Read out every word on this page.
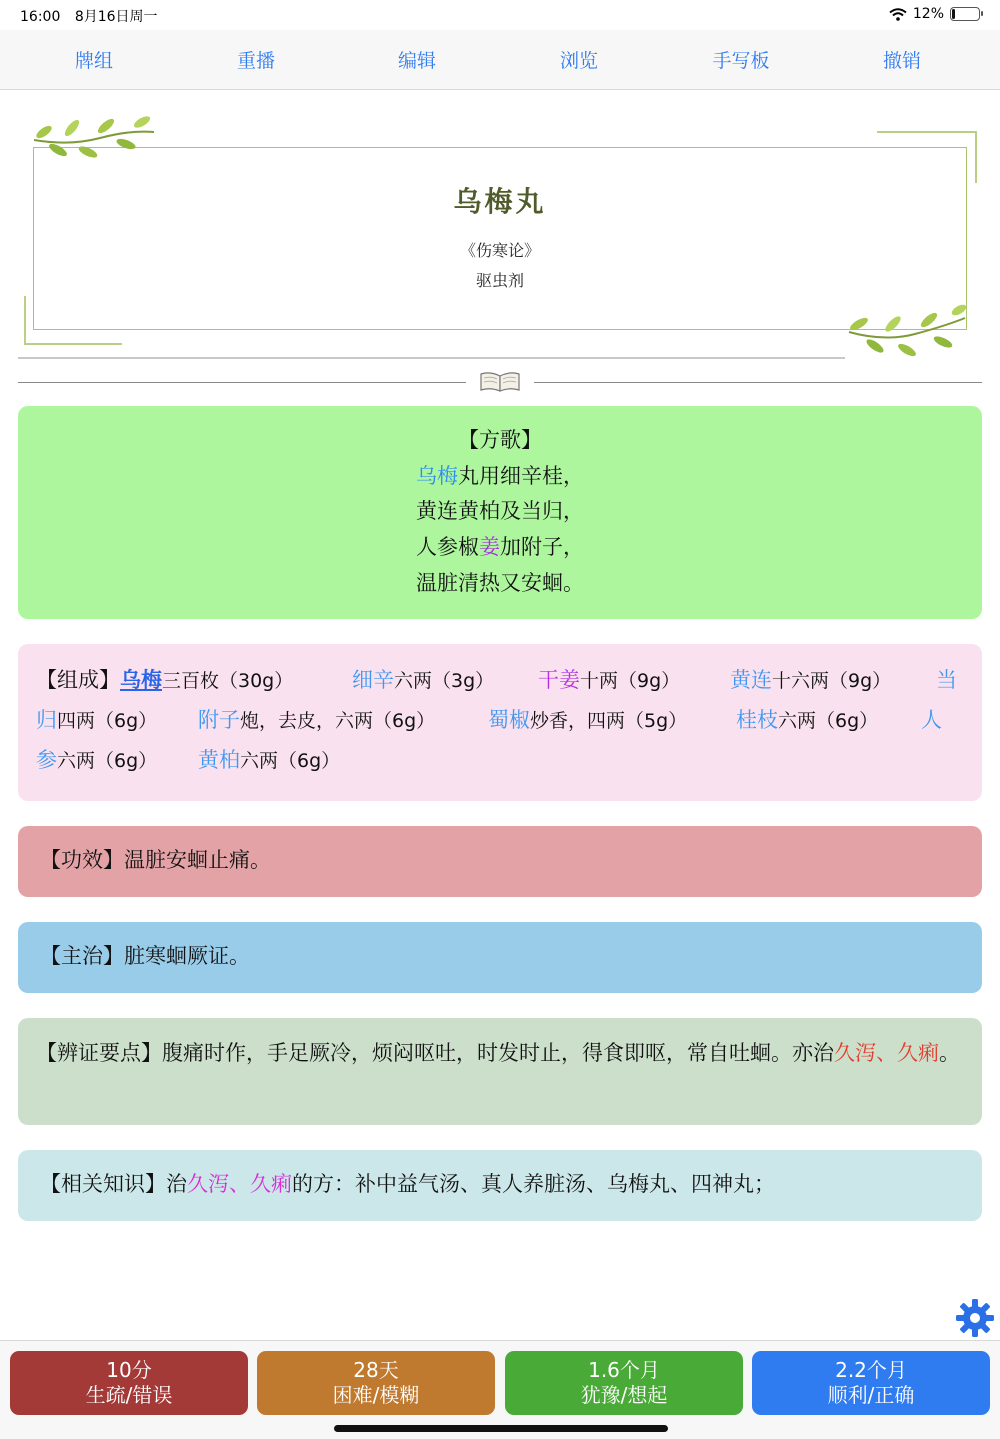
16:00 8月16日周一	12%
牌组	重播	编辑	浏览	手写板	撤销
乌梅丸
《伤寒论》
驱虫剂
【方歌】
乌梅丸用细辛桂，
黄连黄柏及当归，
人参椒姜加附子，
温脏清热又安蛔。
【组成】乌梅三百枚（30g）	细辛六两（3g） 干姜十两（9g） 黄连十六两（9g） 当
归四两（6g） 附子炮，去皮，六两（6g）	蜀椒炒香，四两（5g） 桂枝六两（6g） 人
参六两（6g） 黄柏六两（6g）
【功效】温脏安蛔止痛。
【主治】脏寒蛔厥证。
【辨证要点】腹痛时作，手足厥冷，烦闷呕吐，时发时止，得食即呕，常自吐蛔。亦治久泻、久痢。
【相关知识】治久泻、久痢的方：补中益气汤、真人养脏汤、乌梅丸、四神丸；
10分
生疏/错误
28天
困难/模糊
1.6个月
犹豫/想起
2.2个月
顺利/正确
